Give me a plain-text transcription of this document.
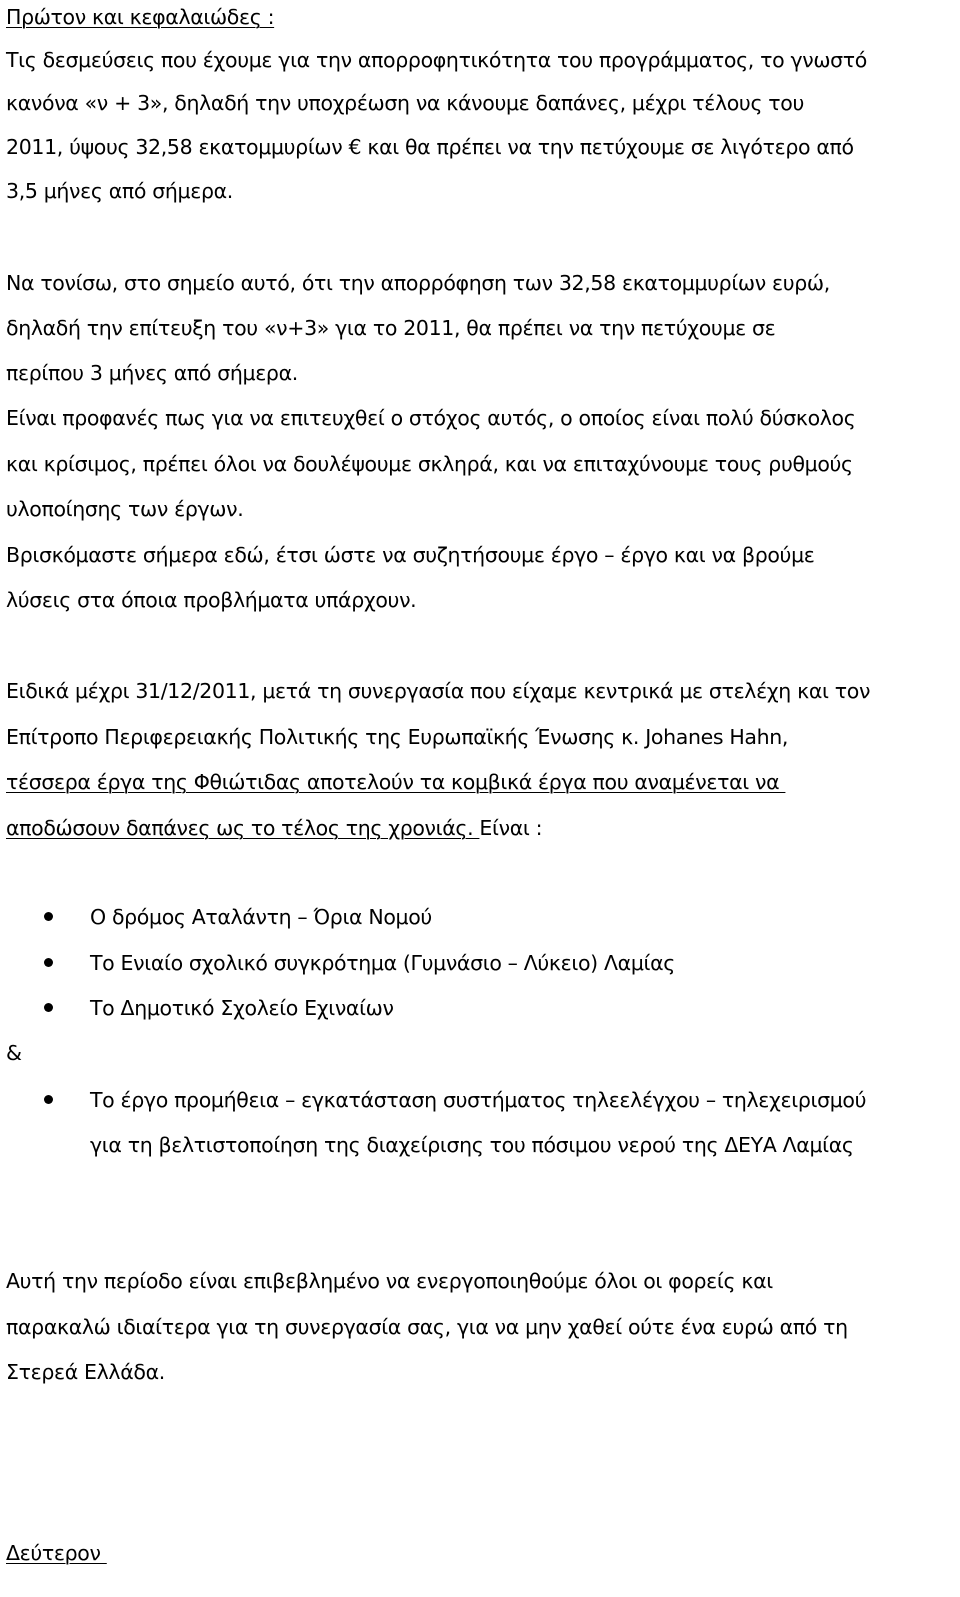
Πρώτον και κεφαλαιώδες :
Τις δεσμεύσεις που έχουμε για την απορροφητικότητα του προγράμματος, το γνωστό
κανόνα «ν + 3», δηλαδή την υποχρέωση να κάνουμε δαπάνες, μέχρι τέλους του
2011, ύψους 32,58 εκατομμυρίων € και θα πρέπει να την πετύχουμε σε λιγότερο από
3,5 μήνες από σήμερα.
Να τονίσω, στο σημείο αυτό, ότι την απορρόφηση των 32,58 εκατομμυρίων ευρώ,
δηλαδή την επίτευξη του «ν+3» για το 2011, θα πρέπει να την πετύχουμε σε
περίπου 3 μήνες από σήμερα.
Είναι προφανές πως για να επιτευχθεί ο στόχος αυτός, ο οποίος είναι πολύ δύσκολος
και κρίσιμος, πρέπει όλοι να δουλέψουμε σκληρά, και να επιταχύνουμε τους ρυθμούς
υλοποίησης των έργων.
Βρισκόμαστε σήμερα εδώ, έτσι ώστε να συζητήσουμε έργο – έργο και να βρούμε
λύσεις στα όποια προβλήματα υπάρχουν.
Ειδικά μέχρι 31/12/2011, μετά τη συνεργασία που είχαμε κεντρικά με στελέχη και τον
Επίτροπο Περιφερειακής Πολιτικής της Ευρωπαϊκής Ένωσης κ. Johanes Hahn,
τέσσερα έργα της Φθιώτιδας αποτελούν τα κομβικά έργα που αναμένεται να
αποδώσουν δαπάνες ως το τέλος της χρονιάς. Είναι :
Ο δρόμος Αταλάντη – Όρια Νομού
Το Ενιαίο σχολικό συγκρότημα (Γυμνάσιο – Λύκειο) Λαμίας
Το Δημοτικό Σχολείο Εχιναίων
&
Το έργο προμήθεια – εγκατάσταση συστήματος τηλεελέγχου – τηλεχειρισμού
για τη βελτιστοποίηση της διαχείρισης του πόσιμου νερού της ΔΕΥΑ Λαμίας
Αυτή την περίοδο είναι επιβεβλημένο να ενεργοποιηθούμε όλοι οι φορείς και
παρακαλώ ιδιαίτερα για τη συνεργασία σας, για να μην χαθεί ούτε ένα ευρώ από τη
Στερεά Ελλάδα.
Δεύτερον
